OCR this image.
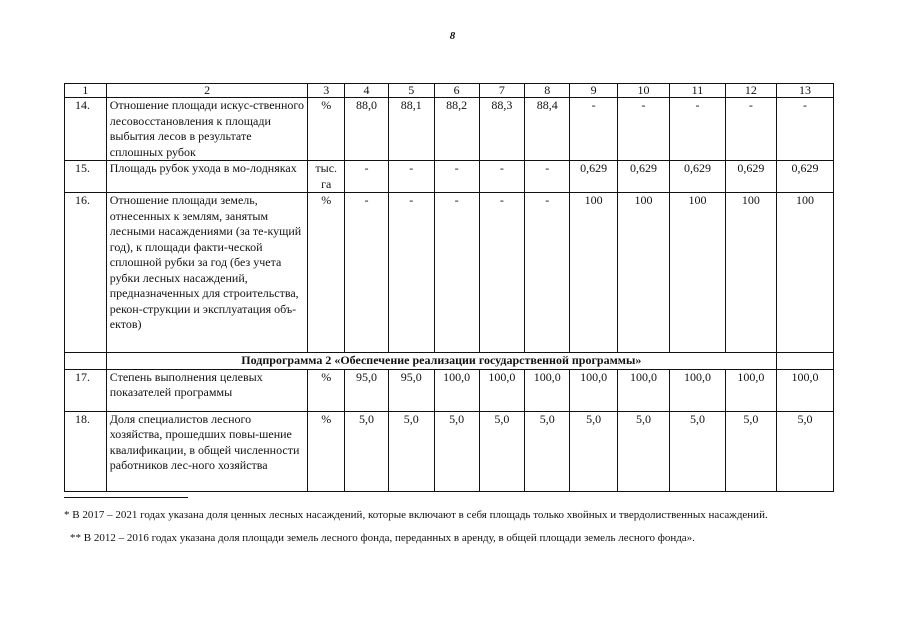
8
1	2	3	4	5	6	7	8	9	10	11	12	13
14.	Отношение площади искус-ственного лесовосстановления к площади выбытия лесов в результате сплошных рубок	%	88,0	88,1	88,2	88,3	88,4	-	-	-	-	-
15.	Площадь рубок ухода в мо-лодняках	тыс. га	-	-	-	-	-	0,629	0,629	0,629	0,629	0,629
16.	Отношение площади земель, отнесенных к землям, занятым лесными насаждениями (за те-кущий год), к площади факти-ческой сплошной рубки за год (без учета рубки лесных насаждений, предназначенных для строительства, рекон-струкции и эксплуатация объ-ектов)	%	-	-	-	-	-	100	100	100	100	100
	Подпрограмма 2 «Обеспечение реализации государственной программы»											
17.	Степень выполнения целевых показателей программы	%	95,0	95,0	100,0	100,0	100,0	100,0	100,0	100,0	100,0	100,0
18.	Доля специалистов лесного хозяйства, прошедших повы-шение квалификации, в общей численности работников лес-ного хозяйства	%	5,0	5,0	5,0	5,0	5,0	5,0	5,0	5,0	5,0	5,0
* В 2017 – 2021 годах указана доля ценных лесных насаждений, которые включают в себя площадь только хвойных и твердолиственных насаждений.
** В 2012 – 2016 годах указана доля площади земель лесного фонда, переданных в аренду, в общей площади земель лесного фонда».
